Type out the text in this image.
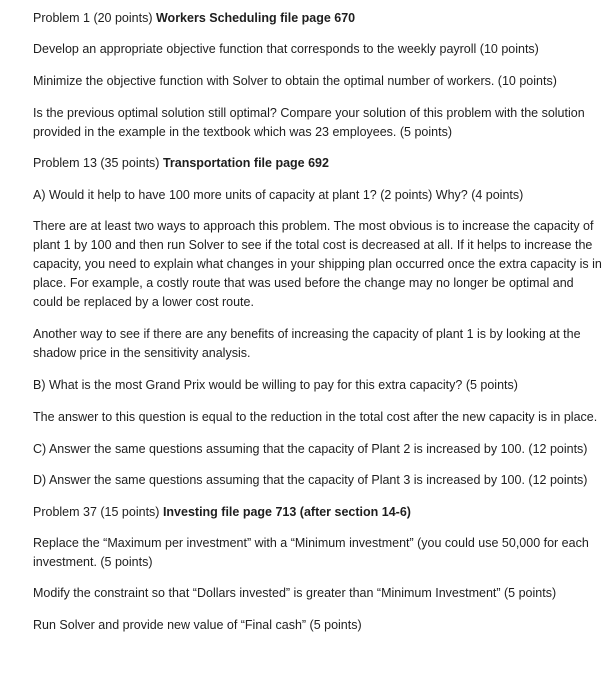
Problem 1 (20 points) Workers Scheduling file page 670

Develop an appropriate objective function that corresponds to the weekly payroll (10 points)

Minimize the objective function with Solver to obtain the optimal number of workers. (10 points)

Is the previous optimal solution still optimal? Compare your solution of this problem with the solution provided in the example in the textbook which was 23 employees. (5 points)

Problem 13 (35 points) Transportation file page 692

A) Would it help to have 100 more units of capacity at plant 1? (2 points) Why? (4 points)

There are at least two ways to approach this problem. The most obvious is to increase the capacity of plant 1 by 100 and then run Solver to see if the total cost is decreased at all. If it helps to increase the capacity, you need to explain what changes in your shipping plan occurred once the extra capacity is in place. For example, a costly route that was used before the change may no longer be optimal and could be replaced by a lower cost route.

Another way to see if there are any benefits of increasing the capacity of plant 1 is by looking at the shadow price in the sensitivity analysis.

B) What is the most Grand Prix would be willing to pay for this extra capacity? (5 points)

The answer to this question is equal to the reduction in the total cost after the new capacity is in place.

C) Answer the same questions assuming that the capacity of Plant 2 is increased by 100. (12 points)

D) Answer the same questions assuming that the capacity of Plant 3 is increased by 100. (12 points)

Problem 37 (15 points) Investing file page 713 (after section 14-6)

Replace the “Maximum per investment” with a “Minimum investment” (you could use 50,000 for each investment. (5 points)

Modify the constraint so that “Dollars invested” is greater than “Minimum Investment” (5 points)

Run Solver and provide new value of “Final cash” (5 points)
